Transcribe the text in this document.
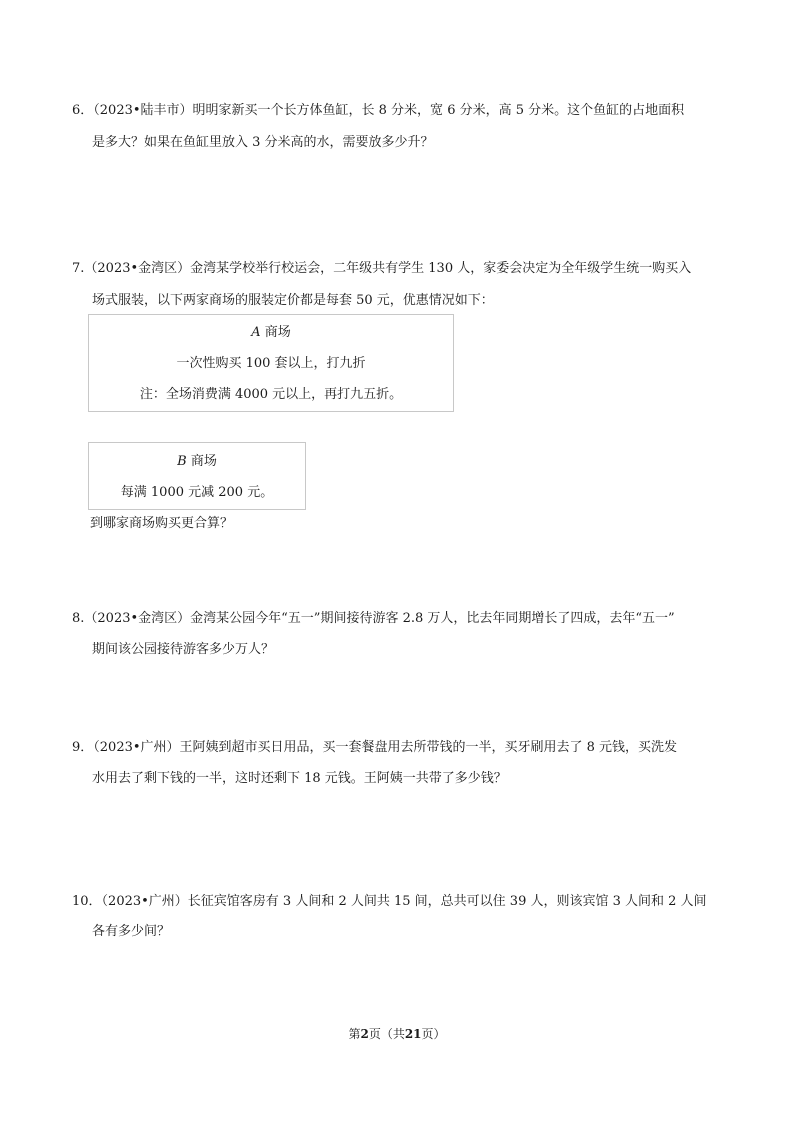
6．（2023•陆丰市）明明家新买一个长方体鱼缸，长 8 分米，宽 6 分米，高 5 分米。这个鱼缸的占地面积
是多大？如果在鱼缸里放入 3 分米高的水，需要放多少升？
7.（2023•金湾区）金湾某学校举行校运会，二年级共有学生 130 人，家委会决定为全年级学生统一购买入
场式服装，以下两家商场的服装定价都是每套 50 元，优惠情况如下：
A 商场
一次性购买 100 套以上，打九折
注：全场消费满 4000 元以上，再打九五折。
B 商场
每满 1000 元减 200 元。
到哪家商场购买更合算？
8.（2023•金湾区）金湾某公园今年“五一”期间接待游客 2.8 万人，比去年同期增长了四成，去年“五一”
期间该公园接待游客多少万人？
9．（2023•广州）王阿姨到超市买日用品，买一套餐盘用去所带钱的一半，买牙刷用去了 8 元钱，买洗发
水用去了剩下钱的一半，这时还剩下 18 元钱。王阿姨一共带了多少钱？
10．（2023•广州）长征宾馆客房有 3 人间和 2 人间共 15 间，总共可以住 39 人，则该宾馆 3 人间和 2 人间
各有多少间？
第2页（共21页）
